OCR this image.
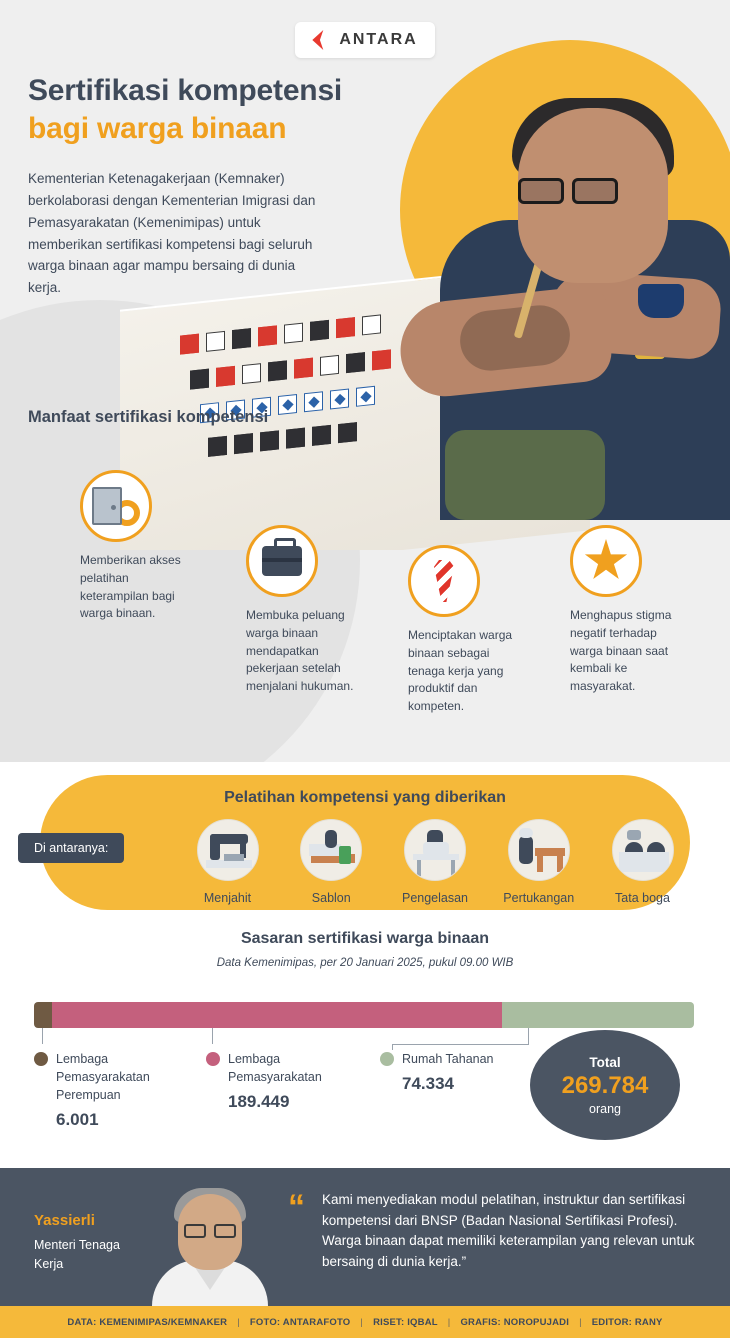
ANTARA
Sertifikasi kompetensi
bagi warga binaan
Kementerian Ketenagakerjaan (Kemnaker) berkolaborasi dengan Kementerian Imigrasi dan Pemasyarakatan (Kemenimipas) untuk memberikan sertifikasi kompetensi bagi seluruh warga binaan agar mampu bersaing di dunia kerja.
Manfaat sertifikasi kompetensi

Memberikan akses pelatihan keterampilan bagi warga binaan.	Membuka peluang warga binaan mendapatkan pekerjaan setelah menjalani hukuman.

Menciptakan warga binaan sebagai tenaga kerja yang produktif dan kompeten.

Menghapus stigma negatif terhadap warga binaan saat kembali ke masyarakat.

Pelatihan kompetensi yang diberikan
Di antaranya:
Menjahit	Sablon	Pengelasan	Pertukangan	Tata boga
Sasaran sertifikasi warga binaan
Data Kemenimipas, per 20 Januari 2025, pukul 09.00 WIB
Lembaga Pemasyarakatan Perempuan
6.001
Lembaga Pemasyarakatan
189.449
Rumah Tahanan
74.334
Total
269.784
orang
Yassierli
Menteri Tenaga Kerja
“ Kami menyediakan modul pelatihan, instruktur dan sertifikasi kompetensi dari BNSP (Badan Nasional Sertifikasi Profesi). Warga binaan dapat memiliki keterampilan yang relevan untuk bersaing di dunia kerja.”
DATA: KEMENIMIPAS/KEMNAKER | FOTO: ANTARAFOTO | RISET: IQBAL | GRAFIS: NOROPUJADI | EDITOR: RANY
